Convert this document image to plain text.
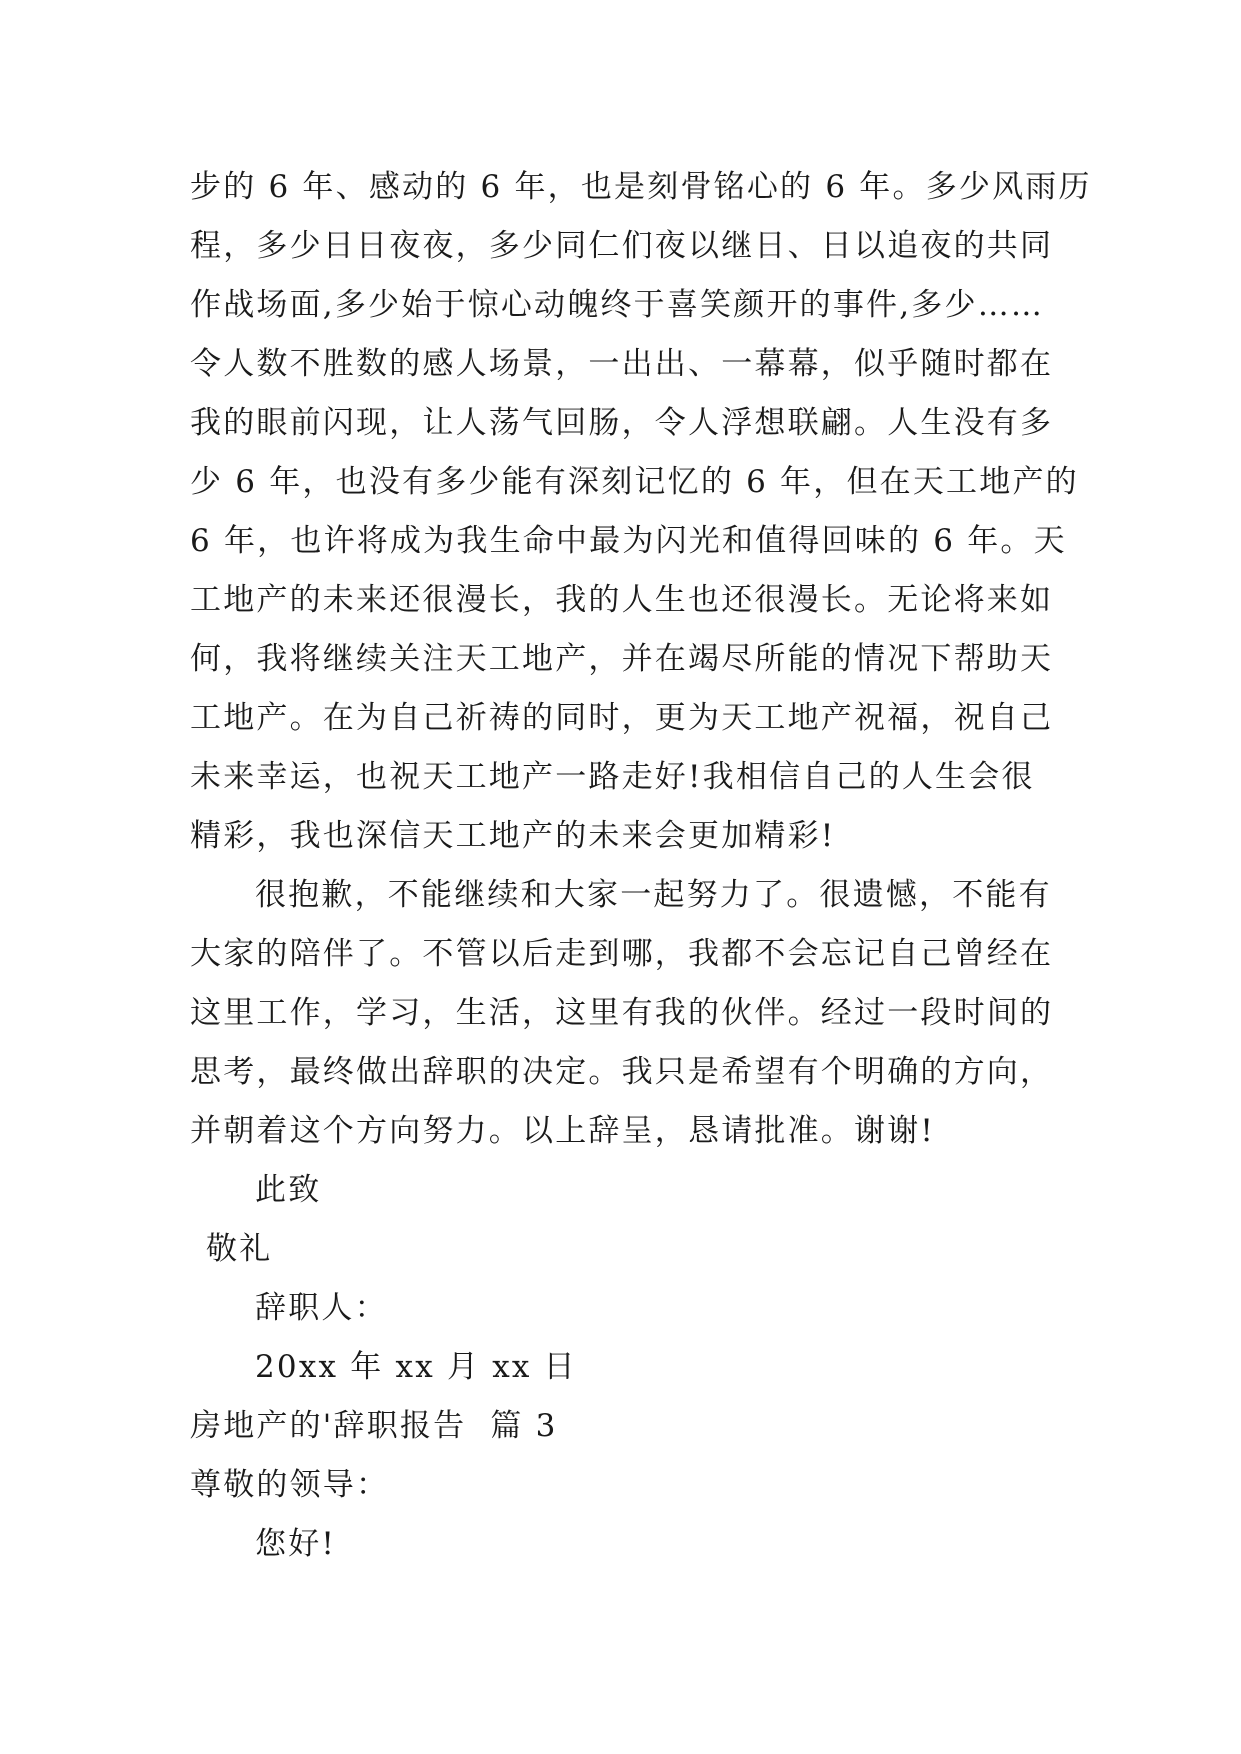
步的 6 年、感动的 6 年，也是刻骨铭心的 6 年。多少风雨历
程，多少日日夜夜，多少同仁们夜以继日、日以追夜的共同
作战场面,多少始于惊心动魄终于喜笑颜开的事件,多少……
令人数不胜数的感人场景，一出出、一幕幕，似乎随时都在
我的眼前闪现，让人荡气回肠，令人浮想联翩。人生没有多
少 6 年，也没有多少能有深刻记忆的 6 年，但在天工地产的
6 年，也许将成为我生命中最为闪光和值得回味的 6 年。天
工地产的未来还很漫长，我的人生也还很漫长。无论将来如
何，我将继续关注天工地产，并在竭尽所能的情况下帮助天
工地产。在为自己祈祷的同时，更为天工地产祝福，祝自己
未来幸运，也祝天工地产一路走好!我相信自己的人生会很
精彩，我也深信天工地产的未来会更加精彩!
很抱歉，不能继续和大家一起努力了。很遗憾，不能有
大家的陪伴了。不管以后走到哪，我都不会忘记自己曾经在
这里工作，学习，生活，这里有我的伙伴。经过一段时间的
思考，最终做出辞职的决定。我只是希望有个明确的方向，
并朝着这个方向努力。以上辞呈，恳请批准。谢谢!
此致
敬礼
辞职人：
20xx 年 xx 月 xx 日
房地产的'辞职报告  篇 3
尊敬的领导：
您好!
